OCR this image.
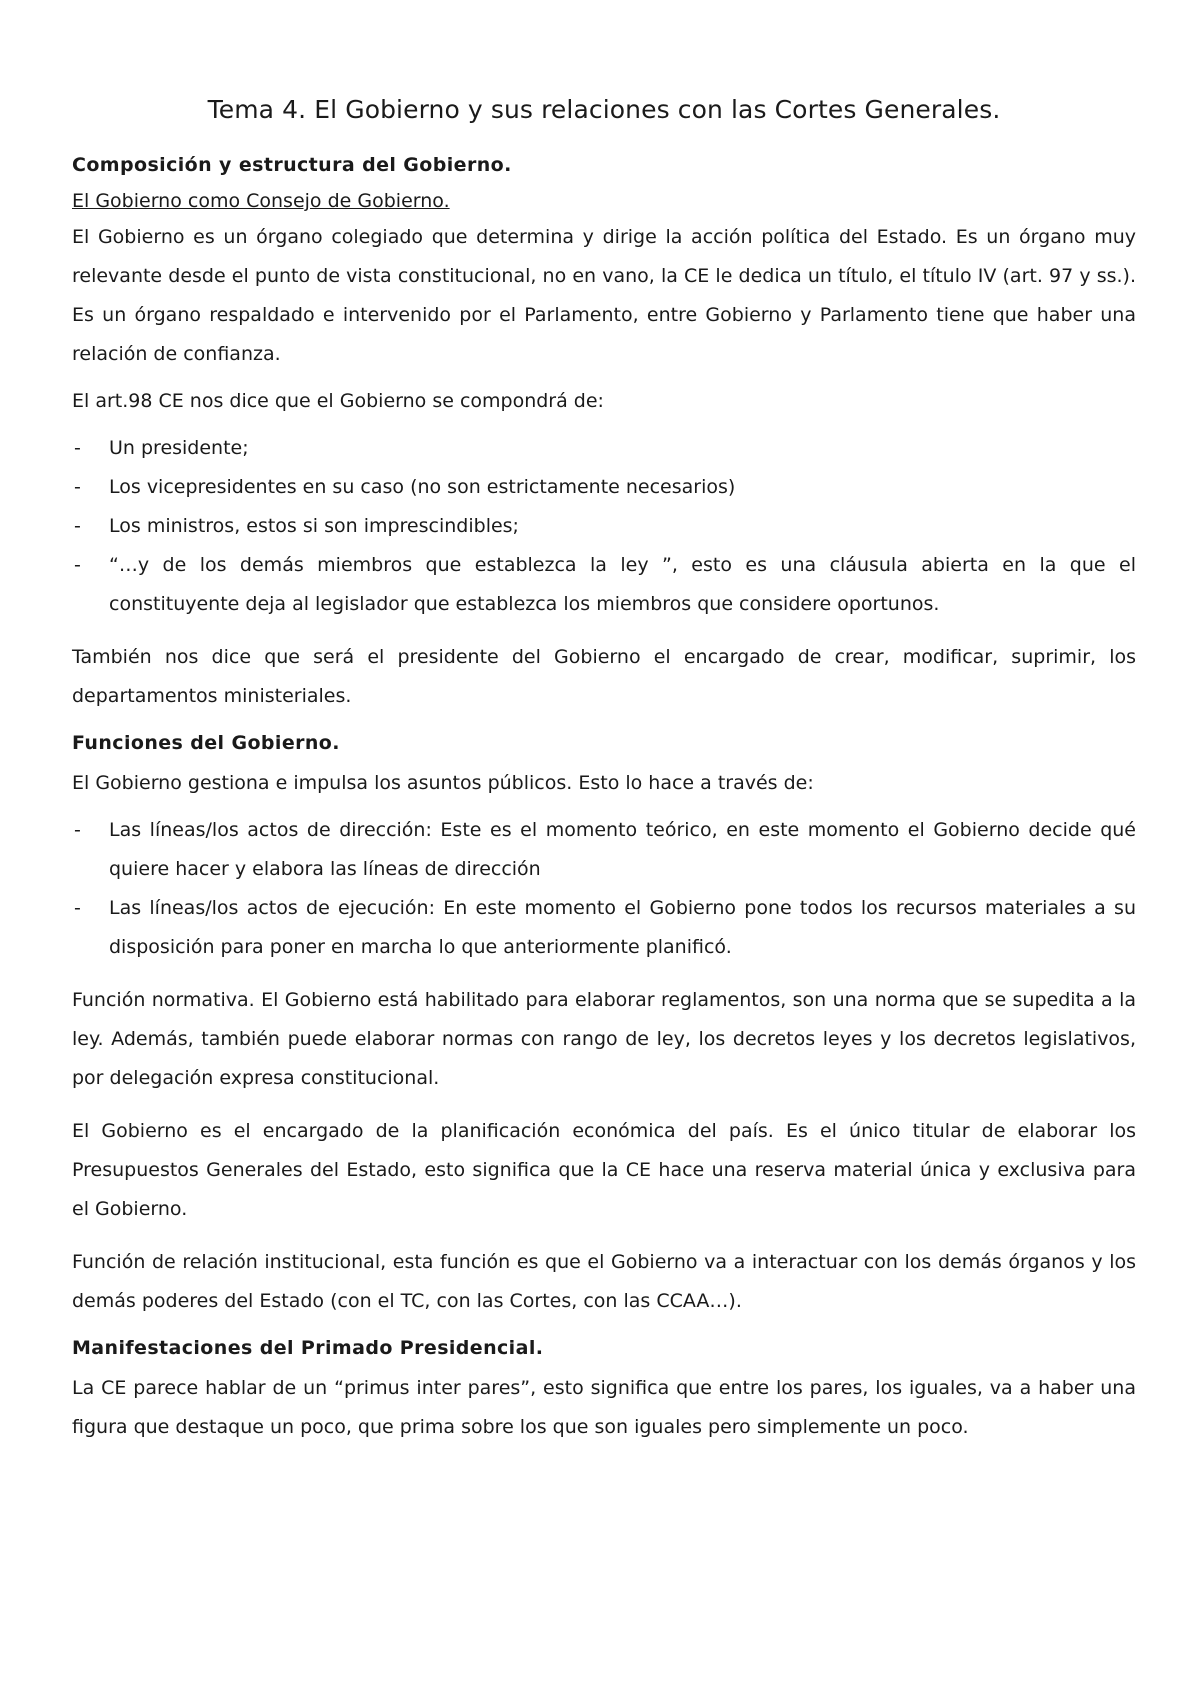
Tema 4. El Gobierno y sus relaciones con las Cortes Generales.
Composición y estructura del Gobierno.
El Gobierno como Consejo de Gobierno.

El Gobierno es un órgano colegiado que determina y dirige la acción política del Estado. Es un órgano muy relevante desde el punto de vista constitucional, no en vano, la CE le dedica un título, el título IV (art. 97 y ss.). Es un órgano respaldado e intervenido por el Parlamento, entre Gobierno y Parlamento tiene que haber una relación de confianza.

El art.98 CE nos dice que el Gobierno se compondrá de:

- Un presidente;
- Los vicepresidentes en su caso (no son estrictamente necesarios)
- Los ministros, estos si son imprescindibles;
- “…y de los demás miembros que establezca la ley ”, esto es una cláusula abierta en la que el constituyente deja al legislador que establezca los miembros que considere oportunos.

También nos dice que será el presidente del Gobierno el encargado de crear, modificar, suprimir, los departamentos ministeriales.

Funciones del Gobierno.

El Gobierno gestiona e impulsa los asuntos públicos. Esto lo hace a través de:

- Las líneas/los actos de dirección: Este es el momento teórico, en este momento el Gobierno decide qué quiere hacer y elabora las líneas de dirección
- Las líneas/los actos de ejecución: En este momento el Gobierno pone todos los recursos materiales a su disposición para poner en marcha lo que anteriormente planificó.

Función normativa. El Gobierno está habilitado para elaborar reglamentos, son una norma que se supedita a la ley. Además, también puede elaborar normas con rango de ley, los decretos leyes y los decretos legislativos, por delegación expresa constitucional.

El Gobierno es el encargado de la planificación económica del país. Es el único titular de elaborar los Presupuestos Generales del Estado, esto significa que la CE hace una reserva material única y exclusiva para el Gobierno.

Función de relación institucional, esta función es que el Gobierno va a interactuar con los demás órganos y los demás poderes del Estado (con el TC, con las Cortes, con las CCAA…).

Manifestaciones del Primado Presidencial.

La CE parece hablar de un “primus inter pares”, esto significa que entre los pares, los iguales, va a haber una figura que destaque un poco, que prima sobre los que son iguales pero simplemente un poco.
